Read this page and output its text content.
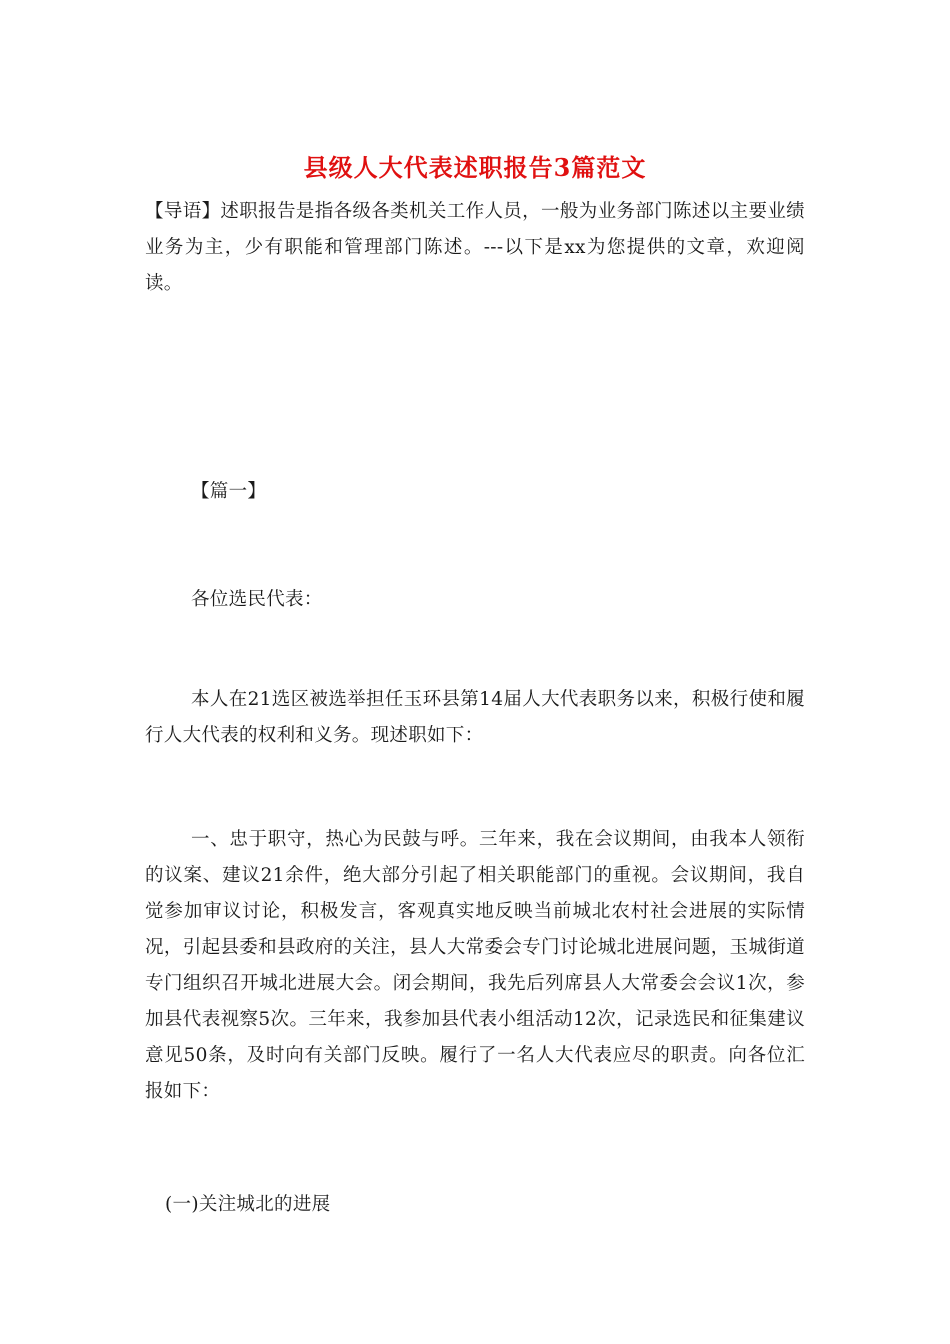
县级人大代表述职报告3篇范文

【导语】述职报告是指各级各类机关工作人员，一般为业务部门陈述以主要业绩业务为主，少有职能和管理部门陈述。---以下是xx为您提供的文章，欢迎阅读。

【篇一】

各位选民代表：

本人在21选区被选举担任玉环县第14届人大代表职务以来，积极行使和履行人大代表的权利和义务。现述职如下：

一、忠于职守，热心为民鼓与呼。三年来，我在会议期间，由我本人领衔的议案、建议21余件，绝大部分引起了相关职能部门的重视。会议期间，我自觉参加审议讨论，积极发言，客观真实地反映当前城北农村社会进展的实际情况，引起县委和县政府的关注，县人大常委会专门讨论城北进展问题，玉城街道专门组织召开城北进展大会。闭会期间，我先后列席县人大常委会会议1次，参加县代表视察5次。三年来，我参加县代表小组活动12次，记录选民和征集建议意见50条，及时向有关部门反映。履行了一名人大代表应尽的职责。向各位汇报如下：

(一)关注城北的进展
